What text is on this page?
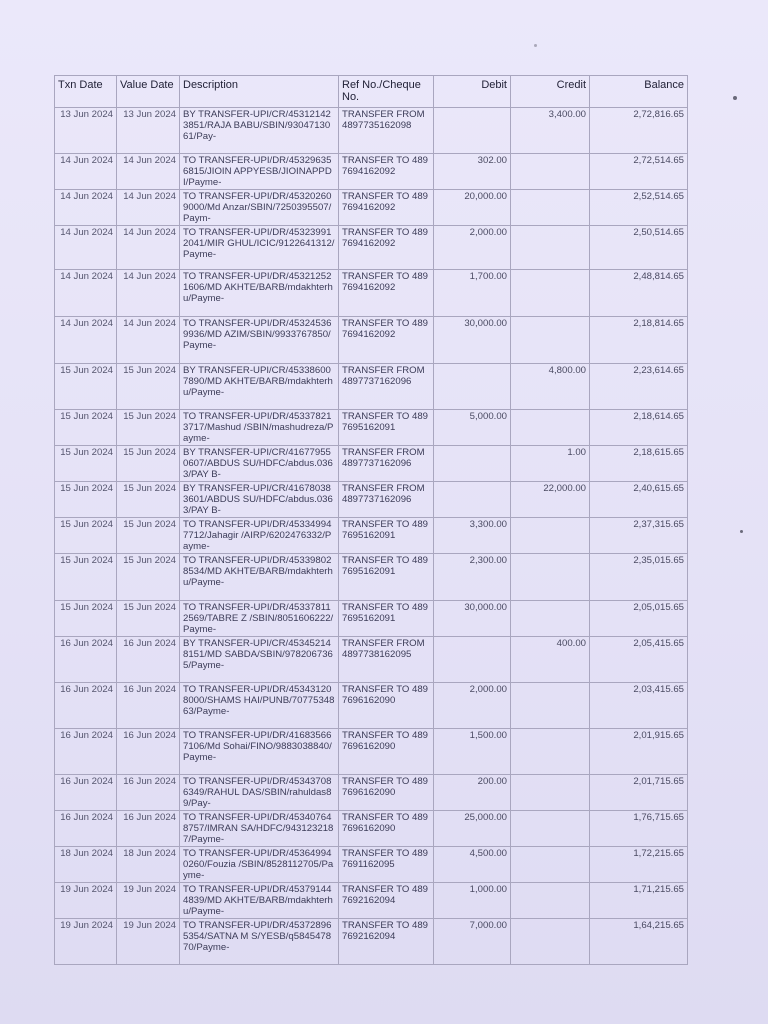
Txn Date	Value Date	Description	Ref No./Cheque No.	Debit	Credit	Balance

13 Jun 2024	13 Jun 2024	BY TRANSFER-UPI/CR/453121423851/RAJA BABU/SBIN/9304713061/Pay-	TRANSFER FROM 4897735162098		3,400.00	2,72,816.65

14 Jun 2024	14 Jun 2024	TO TRANSFER-UPI/DR/453296356815/JIOIN APPYESB/JIOINAPPDI/Payme-	TRANSFER TO 4897694162092	302.00		2,72,514.65

14 Jun 2024	14 Jun 2024	TO TRANSFER-UPI/DR/453202609000/Md Anzar/SBIN/7250395507/Paym-	TRANSFER TO 4897694162092	20,000.00		2,52,514.65

14 Jun 2024	14 Jun 2024	TO TRANSFER-UPI/DR/453239912041/MIR GHUL/ICIC/9122641312/Payme-	TRANSFER TO 4897694162092	2,000.00		2,50,514.65

14 Jun 2024	14 Jun 2024	TO TRANSFER-UPI/DR/453212521606/MD AKHTE/BARB/mdakhterhu/Payme-	TRANSFER TO 4897694162092	1,700.00		2,48,814.65

14 Jun 2024	14 Jun 2024	TO TRANSFER-UPI/DR/453245369936/MD AZIM/SBIN/9933767850/Payme-	TRANSFER TO 4897694162092	30,000.00		2,18,814.65

15 Jun 2024	15 Jun 2024	BY TRANSFER-UPI/CR/453386007890/MD AKHTE/BARB/mdakhterhu/Payme-	TRANSFER FROM 4897737162096		4,800.00	2,23,614.65

15 Jun 2024	15 Jun 2024	TO TRANSFER-UPI/DR/453378213717/Mashud /SBIN/mashudreza/Payme-	TRANSFER TO 4897695162091	5,000.00		2,18,614.65

15 Jun 2024	15 Jun 2024	BY TRANSFER-UPI/CR/416779550607/ABDUS SU/HDFC/abdus.0363/PAY B-	TRANSFER FROM 4897737162096		1.00	2,18,615.65

15 Jun 2024	15 Jun 2024	BY TRANSFER-UPI/CR/416780383601/ABDUS SU/HDFC/abdus.0363/PAY B-	TRANSFER FROM 4897737162096		22,000.00	2,40,615.65

15 Jun 2024	15 Jun 2024	TO TRANSFER-UPI/DR/453349947712/Jahagir /AIRP/6202476332/Payme-	TRANSFER TO 4897695162091	3,300.00		2,37,315.65

15 Jun 2024	15 Jun 2024	TO TRANSFER-UPI/DR/453398028534/MD AKHTE/BARB/mdakhterhu/Payme-	TRANSFER TO 4897695162091	2,300.00		2,35,015.65

15 Jun 2024	15 Jun 2024	TO TRANSFER-UPI/DR/453378112569/TABRE Z /SBIN/8051606222/Payme-	TRANSFER TO 4897695162091	30,000.00		2,05,015.65

16 Jun 2024	16 Jun 2024	BY TRANSFER-UPI/CR/453452148151/MD SABDA/SBIN/9782067365/Payme-	TRANSFER FROM 4897738162095		400.00	2,05,415.65

16 Jun 2024	16 Jun 2024	TO TRANSFER-UPI/DR/453431208000/SHAMS HAI/PUNB/7077534863/Payme-	TRANSFER TO 4897696162090	2,000.00		2,03,415.65

16 Jun 2024	16 Jun 2024	TO TRANSFER-UPI/DR/416835667106/Md Sohai/FINO/9883038840/Payme-	TRANSFER TO 4897696162090	1,500.00		2,01,915.65

16 Jun 2024	16 Jun 2024	TO TRANSFER-UPI/DR/453437086349/RAHUL DAS/SBIN/rahuldas89/Pay-	TRANSFER TO 4897696162090	200.00		2,01,715.65

16 Jun 2024	16 Jun 2024	TO TRANSFER-UPI/DR/453407648757/IMRAN SA/HDFC/9431232187/Payme-	TRANSFER TO 4897696162090	25,000.00		1,76,715.65

18 Jun 2024	18 Jun 2024	TO TRANSFER-UPI/DR/453649940260/Fouzia /SBIN/8528112705/Payme-	TRANSFER TO 4897691162095	4,500.00		1,72,215.65

19 Jun 2024	19 Jun 2024	TO TRANSFER-UPI/DR/453791444839/MD AKHTE/BARB/mdakhterhu/Payme-	TRANSFER TO 4897692162094	1,000.00		1,71,215.65

19 Jun 2024	19 Jun 2024	TO TRANSFER-UPI/DR/453728965354/SATNA M S/YESB/q584547870/Payme-	TRANSFER TO 4897692162094	7,000.00		1,64,215.65
